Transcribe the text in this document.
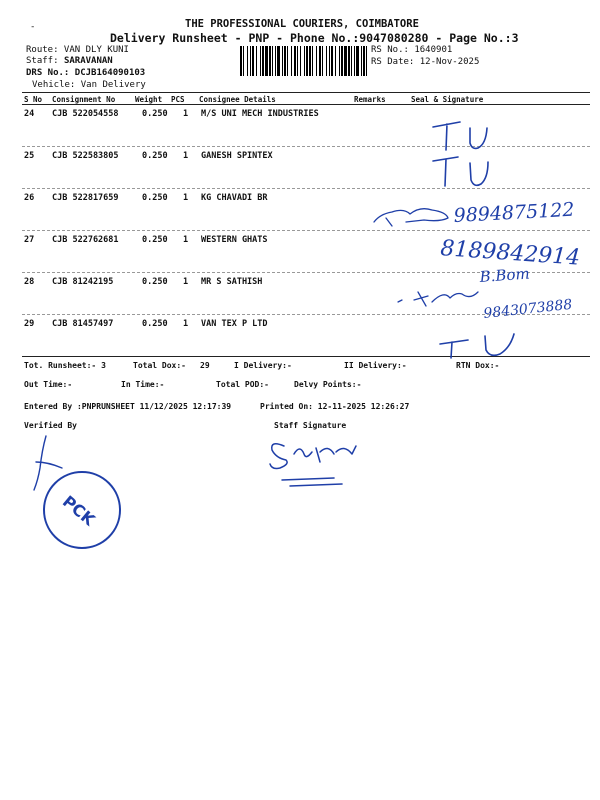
-	THE PROFESSIONAL COURIERS, COIMBATORE
Delivery Runsheet - PNP - Phone No.:9047080280 - Page No.:3
Route: VAN DLY KUNI
Staff: SARAVANAN
DRS No.: DCJB164090103
Vehicle: Van Delivery
RS No.: 1640901
RS Date: 12-Nov-2025
S No Consignment No	Weight PCS Consignee Details	Remarks	Seal & Signature
24 CJB 522054558	0.250 1 M/S UNI MECH INDUSTRIES
25 CJB 522583805	0.250 1 GANESH SPINTEX
26 CJB 522817659	0.250 1 KG CHAVADI BR
27 CJB 522762681	0.250 1 WESTERN GHATS
28 CJB 81242195	0.250 1 MR S SATHISH
29 CJB 81457497	0.250 1 VAN TEX P LTD
Tot. Runsheet:- 3	Total Dox:- 29	I Delivery:-	II Delivery:-	RTN Dox:-
Out Time:-	In Time:-	Total POD:-	Delvy Points:-
Entered By :PNPRUNSHEET 11/12/2025 12:17:39	Printed On: 12-11-2025 12:26:27
Verified By	Staff Signature
9894875122
8189842914
B.Bom
9843073888
PCK
